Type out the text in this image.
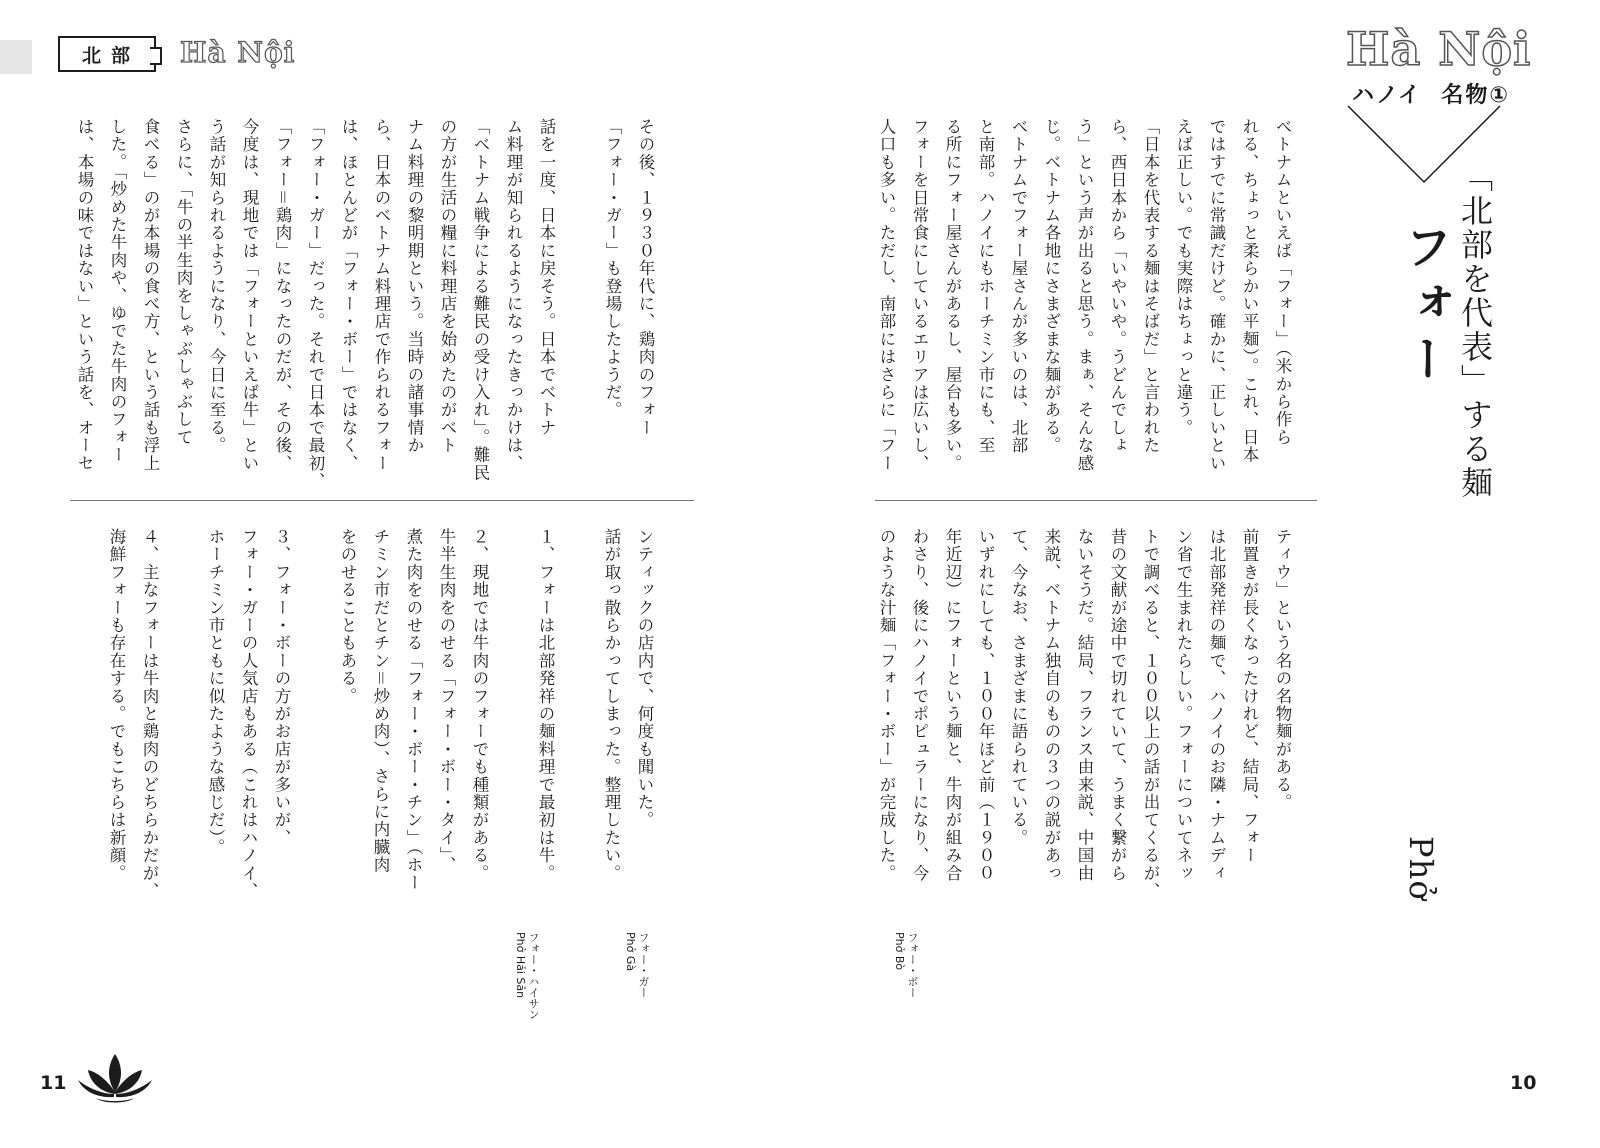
北部	Hà Nội	Hà Nội
ハノイ  名物①
「北部を代表」する麺
フォー
Phở

ベトナムといえば「フォー」（米から作ら
れる、ちょっと柔らかい平麺）。これ、日本
ではすでに常識だけど。確かに、正しいとい
えば正しい。でも実際はちょっと違う。
「日本を代表する麺はそばだ」と言われた
ら、西日本から「いやいや。うどんでしょ
う」という声が出ると思う。まぁ、そんな感
じ。ベトナム各地にさまざまな麺がある。
ベトナムでフォー屋さんが多いのは、北部
と南部。ハノイにもホーチミン市にも、至
る所にフォー屋さんがあるし、屋台も多い。
フォーを日常食にしているエリアは広いし、
人口も多い。ただし、南部にはさらに「フー

ティウ」という名の名物麺がある。
前置きが長くなったけれど、結局、フォー
は北部発祥の麺で、ハノイのお隣・ナムディ
ン省で生まれたらしい。フォーについてネッ
トで調べると、１００以上の話が出てくるが、
昔の文献が途中で切れていて、うまく繋がら
ないそうだ。結局、フランス由来説、中国由
来説、ベトナム独自のものの３つの説があっ
て、今なお、さまざまに語られている。
いずれにしても、１００年ほど前（１９００
年近辺）にフォーという麺と、牛肉が組み合
わさり、後にハノイでポピュラーになり、今
のような汁麺「フォー・ボー」が完成した。

フォー・ボー
Phở Bò

その後、１９３０年代に、鶏肉のフォー
「フォー・ガー」も登場したようだ。

話を一度、日本に戻そう。日本でベトナ
ム料理が知られるようになったきっかけは、
「ベトナム戦争による難民の受け入れ」。難民
の方が生活の糧に料理店を始めたのがベト
ナム料理の黎明期という。当時の諸事情か
ら、日本のベトナム料理店で作られるフォー
は、ほとんどが「フォー・ボー」ではなく、
「フォー・ガー」だった。それで日本で最初、
「フォー＝鶏肉」になったのだが、その後、
今度は、現地では「フォーといえば牛」とい
う話が知られるようになり、今日に至る。
さらに、「牛の半生肉をしゃぶしゃぶして
食べる」のが本場の食べ方、という話も浮上
した。「炒めた牛肉や、ゆでた牛肉のフォー
は、本場の味ではない」という話を、オーセ

ンティックの店内で、何度も聞いた。
話が取っ散らかってしまった。整理したい。

１、フォーは北部発祥の麺料理で最初は牛。

２、現地では牛肉のフォーでも種類がある。
牛半生肉をのせる「フォー・ボー・タイ」、
煮た肉をのせる「フォー・ボー・チン」（ホー
チミン市だとチン＝炒め肉）、さらに内臓肉
をのせることもある。

３、フォー・ボーの方がお店が多いが、
フォー・ガーの人気店もある（これはハノイ、
ホーチミン市ともに似たような感じだ）。

４、主なフォーは牛肉と鶏肉のどちらかだが、
海鮮フォーも存在する。でもこちらは新顔。

フォー・ガー
Phở Gà

フォー・ハイサン
Phở Hải Sản

11	10
